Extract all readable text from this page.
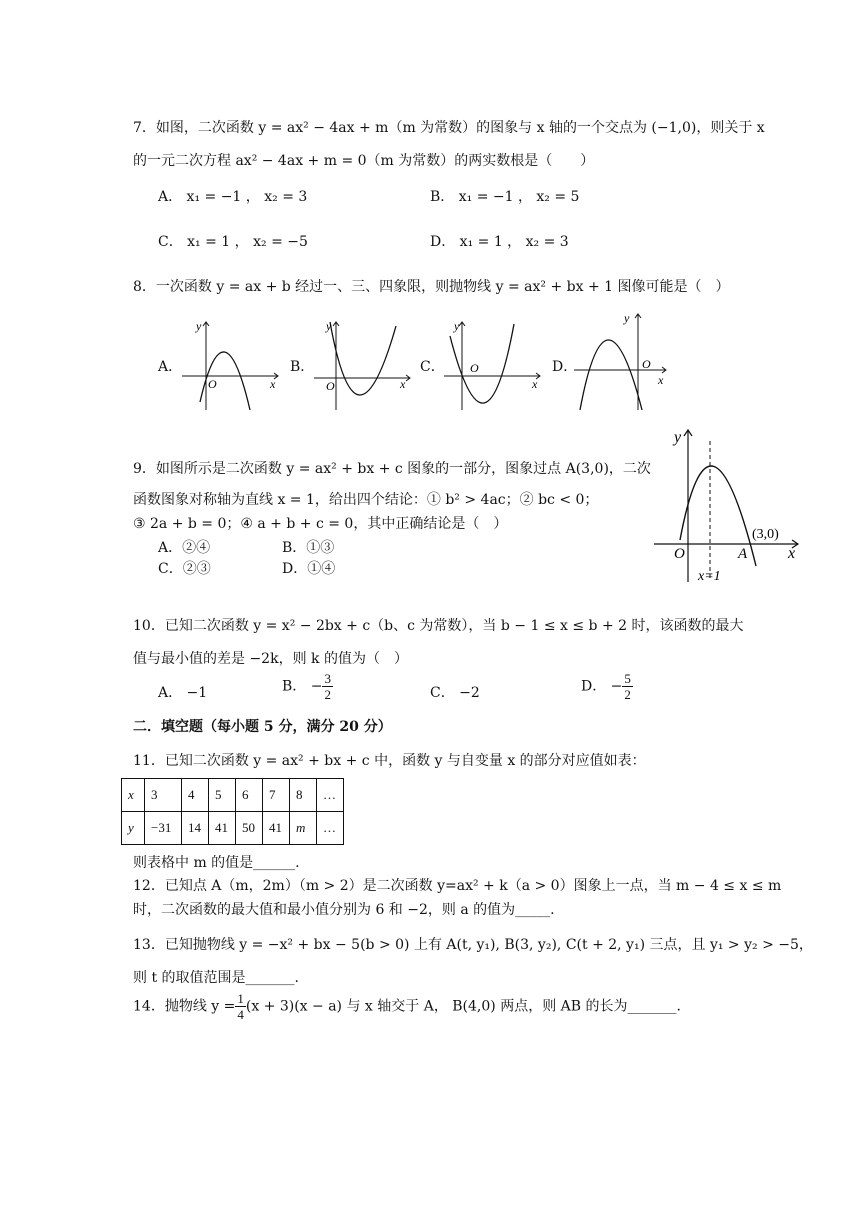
7．如图，二次函数 y = ax² − 4ax + m（m 为常数）的图象与 x 轴的一个交点为 (−1,0)，则关于 x
的一元二次方程 ax² − 4ax + m = 0（m 为常数）的两实数根是（　　）
A． x₁ = −1 ， x₂ = 3	B． x₁ = −1 ， x₂ = 5
C． x₁ = 1 ， x₂ = −5	D． x₁ = 1 ， x₂ = 3
8．一次函数 y = ax + b 经过一、三、四象限，则抛物线 y = ax² + bx + 1 图像可能是（　）
A．
y
x
O
B．
y
x
O
C．
y
x
O	D．
y
x
O
9．如图所示是二次函数 y = ax² + bx + c 图象的一部分，图象过点 A(3,0)，二次
函数图象对称轴为直线 x = 1，给出四个结论：① b² > 4ac；② bc < 0；
③ 2a + b = 0；④ a + b + c = 0，其中正确结论是（　）
A．②④	B．①③
C．②③	D．①④
y
x
O	A
(3,0)
x=1
10．已知二次函数 y = x² − 2bx + c（b、c 为常数），当 b − 1 ≤ x ≤ b + 2 时，该函数的最大
值与最小值的差是 −2k，则 k 的值为（　）
A． −1	B． − $\frac{3}{2}$	C． −2	D． − $\frac{5}{2}$
二．填空题（每小题 5 分，满分 20 分）
11．已知二次函数 y = ax² + bx + c 中，函数 y 与自变量 x 的部分对应值如表：
x	3	4	5	6	7	8	…
y	−31	14	41	50	41	m	…
则表格中 m 的值是______.
12．已知点 A（m，2m）（m > 2）是二次函数 y=ax² + k（a > 0）图象上一点，当 m − 4 ≤ x ≤ m
时，二次函数的最大值和最小值分别为 6 和 −2，则 a 的值为_____.
13．已知抛物线 y = −x² + bx − 5(b > 0) 上有 A(t, y₁), B(3, y₂), C(t + 2, y₁) 三点，且 y₁ > y₂ > −5，
则 t 的取值范围是_______.
14．抛物线 $y = \frac{1}{4} (x + 3)(x - a)$ 与 x 轴交于 A， B(4,0) 两点，则 AB 的长为_______.
